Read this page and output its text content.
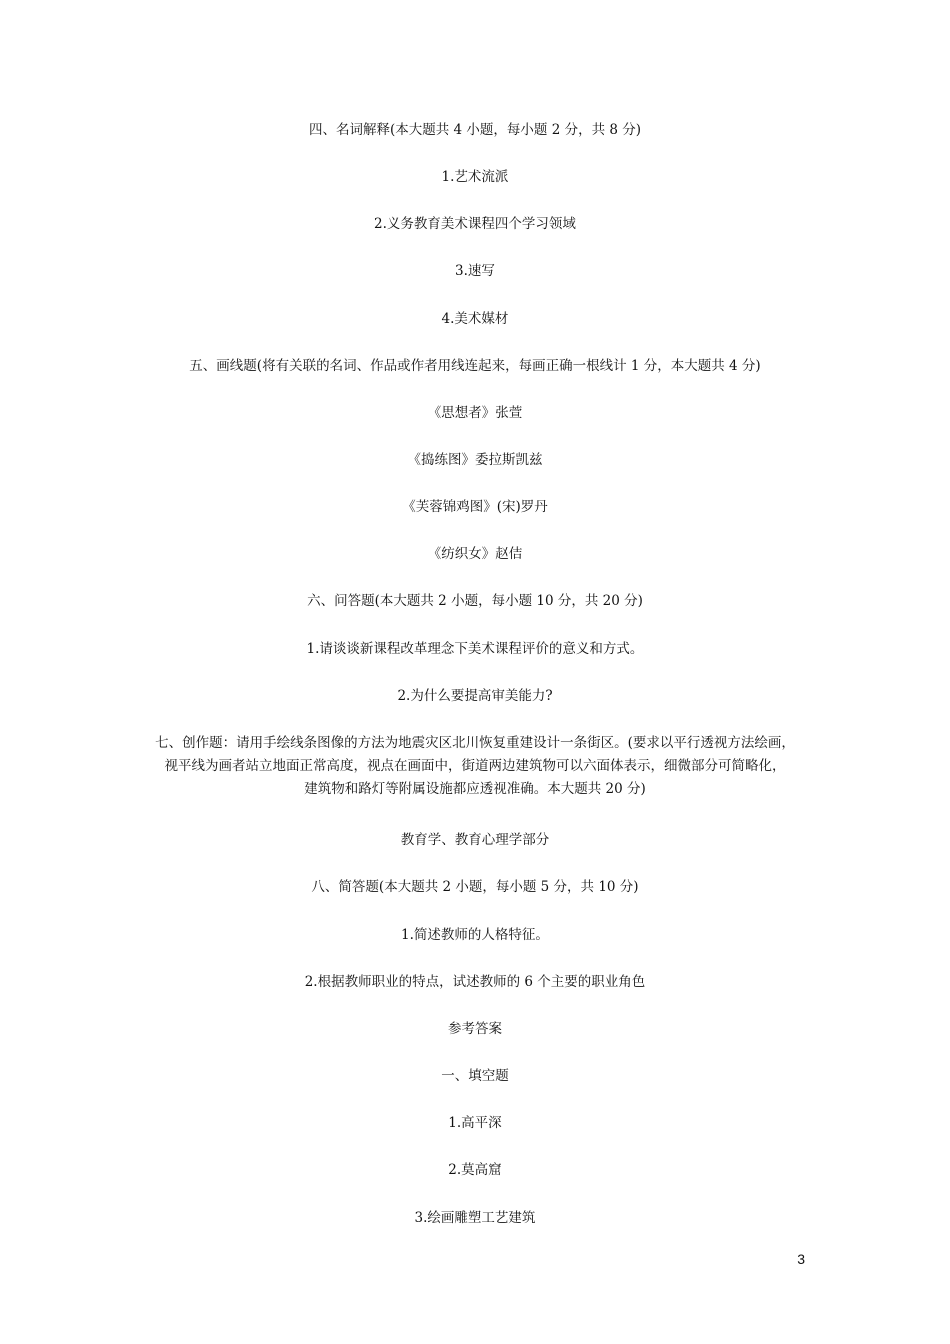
四、名词解释(本大题共 4 小题，每小题 2 分，共 8 分)
1.艺术流派
2.义务教育美术课程四个学习领域
3.速写
4.美术媒材
五、画线题(将有关联的名词、作品或作者用线连起来，每画正确一根线计 1 分，本大题共 4 分)
《思想者》张萱
《捣练图》委拉斯凯兹
《芙蓉锦鸡图》(宋)罗丹
《纺织女》赵佶
六、问答题(本大题共 2 小题，每小题 10 分，共 20 分)
1.请谈谈新课程改革理念下美术课程评价的意义和方式。
2.为什么要提高审美能力?
七、创作题：请用手绘线条图像的方法为地震灾区北川恢复重建设计一条街区。(要求以平行透视方法绘画，
视平线为画者站立地面正常高度，视点在画面中，街道两边建筑物可以六面体表示，细微部分可简略化，
建筑物和路灯等附属设施都应透视准确。本大题共 20 分)
教育学、教育心理学部分
八、简答题(本大题共 2 小题，每小题 5 分，共 10 分)
1.简述教师的人格特征。
2.根据教师职业的特点，试述教师的 6 个主要的职业角色
参考答案
一、填空题
1.高平深
2.莫高窟
3.绘画雕塑工艺建筑
3
